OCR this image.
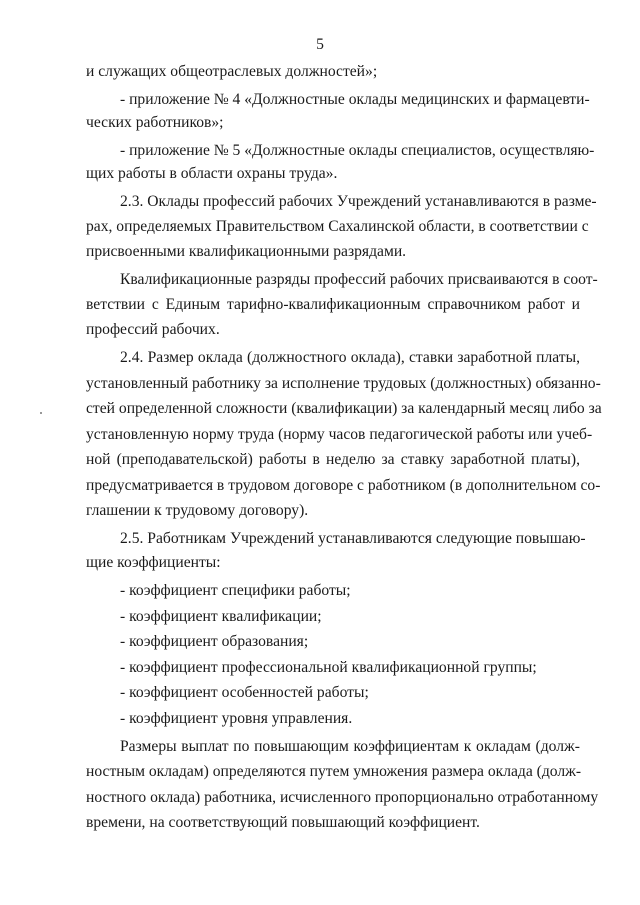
5
и служащих общеотраслевых должностей»;
- приложение № 4 «Должностные оклады медицинских и фармацевти-
ческих работников»;
- приложение № 5 «Должностные оклады специалистов, осуществляю-
щих работы в области охраны труда».
2.3. Оклады профессий рабочих Учреждений устанавливаются в разме-
рах, определяемых Правительством Сахалинской области, в соответствии с
присвоенными квалификационными разрядами.
Квалификационные разряды профессий рабочих присваиваются в соот-
ветствии с Единым тарифно-квалификационным справочником работ и
профессий рабочих.
2.4. Размер оклада (должностного оклада), ставки заработной платы,
установленный работнику за исполнение трудовых (должностных) обязанно-
стей определенной сложности (квалификации) за календарный месяц либо за
установленную норму труда (норму часов педагогической работы или учеб-
ной (преподавательской) работы в неделю за ставку заработной платы),
предусматривается в трудовом договоре с работником (в дополнительном со-
глашении к трудовому договору).
2.5. Работникам Учреждений устанавливаются следующие повышаю-
щие коэффициенты:
- коэффициент специфики работы;
- коэффициент квалификации;
- коэффициент образования;
- коэффициент профессиональной квалификационной группы;
- коэффициент особенностей работы;
- коэффициент уровня управления.
Размеры выплат по повышающим коэффициентам к окладам (долж-
ностным окладам) определяются путем умножения размера оклада (долж-
ностного оклада) работника, исчисленного пропорционально отработанному
времени, на соответствующий повышающий коэффициент.
